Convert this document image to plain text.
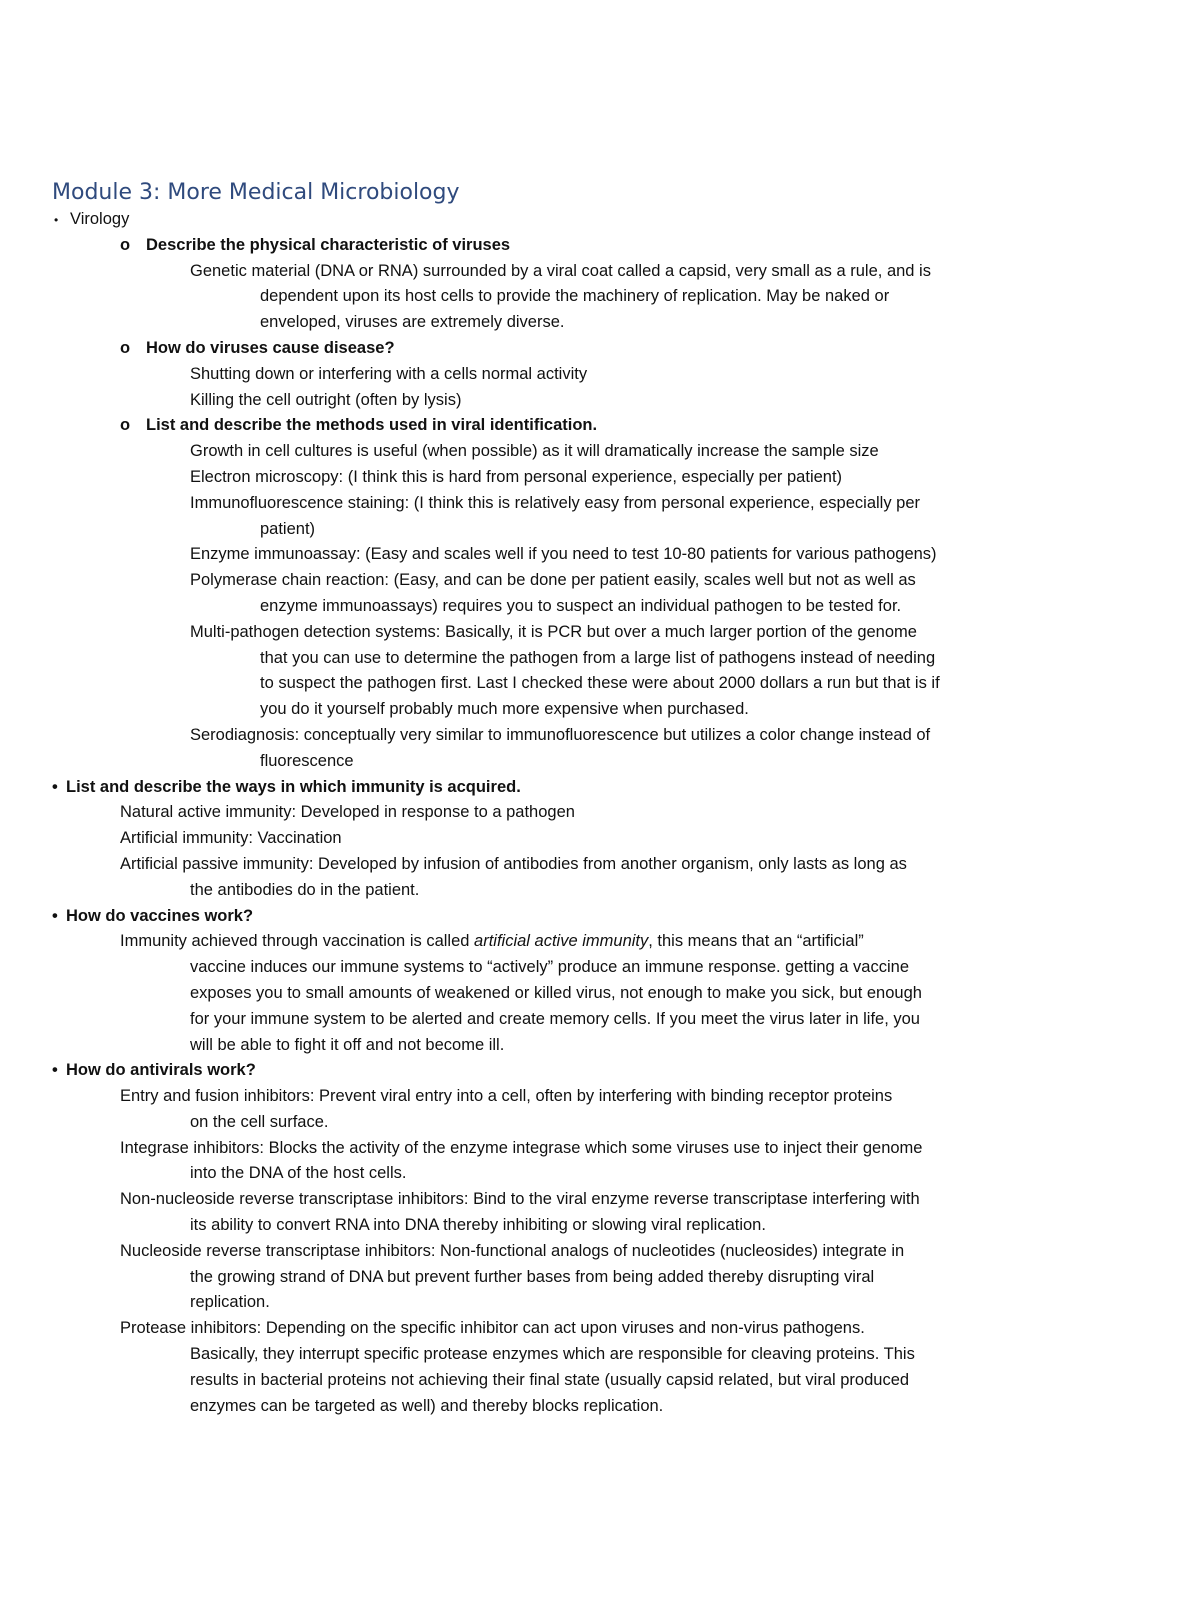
Module 3: More Medical Microbiology
• Virology
o Describe the physical characteristic of viruses
Genetic material (DNA or RNA) surrounded by a viral coat called a capsid, very small as a rule, and is
dependent upon its host cells to provide the machinery of replication. May be naked or
enveloped, viruses are extremely diverse.
o How do viruses cause disease?
Shutting down or interfering with a cells normal activity
Killing the cell outright (often by lysis)
o List and describe the methods used in viral identification.
Growth in cell cultures is useful (when possible) as it will dramatically increase the sample size
Electron microscopy: (I think this is hard from personal experience, especially per patient)
Immunofluorescence staining: (I think this is relatively easy from personal experience, especially per
patient)
Enzyme immunoassay: (Easy and scales well if you need to test 10-80 patients for various pathogens)
Polymerase chain reaction: (Easy, and can be done per patient easily, scales well but not as well as
enzyme immunoassays) requires you to suspect an individual pathogen to be tested for.
Multi-pathogen detection systems: Basically, it is PCR but over a much larger portion of the genome
that you can use to determine the pathogen from a large list of pathogens instead of needing
to suspect the pathogen first. Last I checked these were about 2000 dollars a run but that is if
you do it yourself probably much more expensive when purchased.
Serodiagnosis: conceptually very similar to immunofluorescence but utilizes a color change instead of
fluorescence
• List and describe the ways in which immunity is acquired.
Natural active immunity: Developed in response to a pathogen
Artificial immunity: Vaccination
Artificial passive immunity: Developed by infusion of antibodies from another organism, only lasts as long as
the antibodies do in the patient.
• How do vaccines work?
Immunity achieved through vaccination is called artificial active immunity, this means that an “artificial”
vaccine induces our immune systems to “actively” produce an immune response. getting a vaccine
exposes you to small amounts of weakened or killed virus, not enough to make you sick, but enough
for your immune system to be alerted and create memory cells. If you meet the virus later in life, you
will be able to fight it off and not become ill.
• How do antivirals work?
Entry and fusion inhibitors: Prevent viral entry into a cell, often by interfering with binding receptor proteins
on the cell surface.
Integrase inhibitors: Blocks the activity of the enzyme integrase which some viruses use to inject their genome
into the DNA of the host cells.
Non-nucleoside reverse transcriptase inhibitors: Bind to the viral enzyme reverse transcriptase interfering with
its ability to convert RNA into DNA thereby inhibiting or slowing viral replication.
Nucleoside reverse transcriptase inhibitors: Non-functional analogs of nucleotides (nucleosides) integrate in
the growing strand of DNA but prevent further bases from being added thereby disrupting viral
replication.
Protease inhibitors: Depending on the specific inhibitor can act upon viruses and non-virus pathogens.
Basically, they interrupt specific protease enzymes which are responsible for cleaving proteins. This
results in bacterial proteins not achieving their final state (usually capsid related, but viral produced
enzymes can be targeted as well) and thereby blocks replication.
